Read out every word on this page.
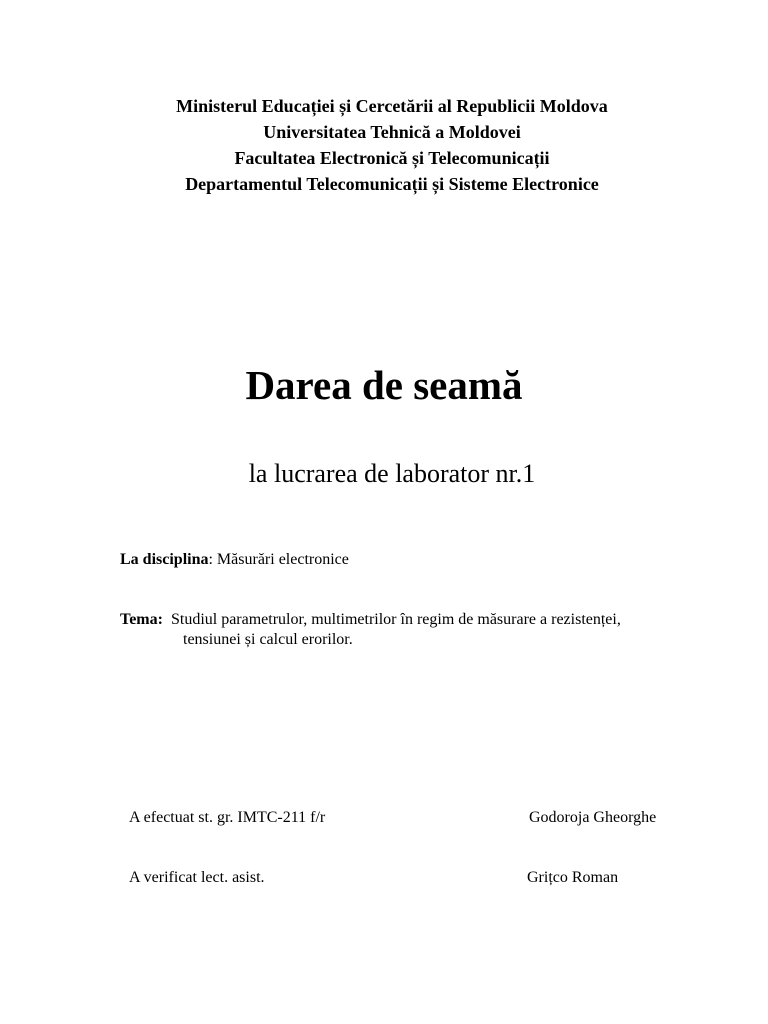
Ministerul Educației și Cercetării al Republicii Moldova
Universitatea Tehnică a Moldovei
Facultatea Electronică și Telecomunicații
Departamentul Telecomunicații și Sisteme Electronice
Darea de seamă
la lucrarea de laborator nr.1
La disciplina: Măsurări electronice
Tema: Studiul parametrulor, multimetrilor în regim de măsurare a rezistenței,
tensiunei și calcul erorilor.
A efectuat st. gr. IMTC-211 f/r	Godoroja Gheorghe
A verificat lect. asist.	Grițco Roman
